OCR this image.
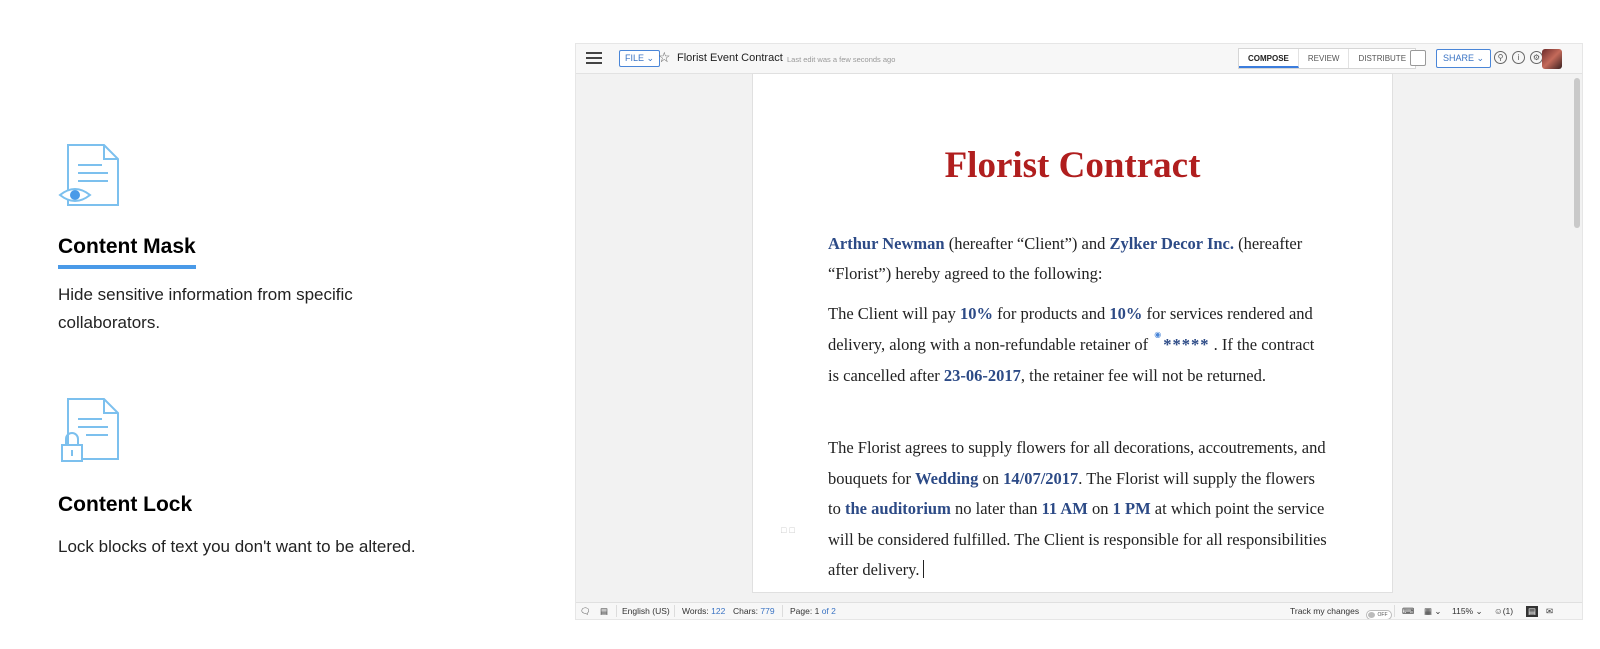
Content Mask

Hide sensitive information from specific collaborators.

Content Lock

Lock blocks of text you don't want to be altered.

FILE ⌄ ☆ Florist Event Contract Last edit was a few seconds ago	COMPOSE	REVIEW	DISTRIBUTE	SHARE ⌄	⚲	i	⚙
Florist Contract

Arthur Newman (hereafter “Client”) and Zylker Decor Inc. (hereafter “Florist”) hereby agreed to the following:

The Client will pay 10% for products and 10% for services rendered and delivery, along with a non-refundable retainer of ◉***** . If the contract is cancelled after 23-06-2017, the retainer fee will not be returned.

The Florist agrees to supply flowers for all decorations, accoutrements, and bouquets for Wedding on 14/07/2017. The Florist will supply the flowers to the auditorium no later than 11 AM on 1 PM at which point the service will be considered fulfilled. The Client is responsible for all responsibilities after delivery.

□□
🗨 ▤ English (US) Words: 122 Chars: 779 Page: 1 of 2	Track my changes	OFF	⌨ ▦ ⌄ 115% ⌄ ☺(1) ▤ ✉
